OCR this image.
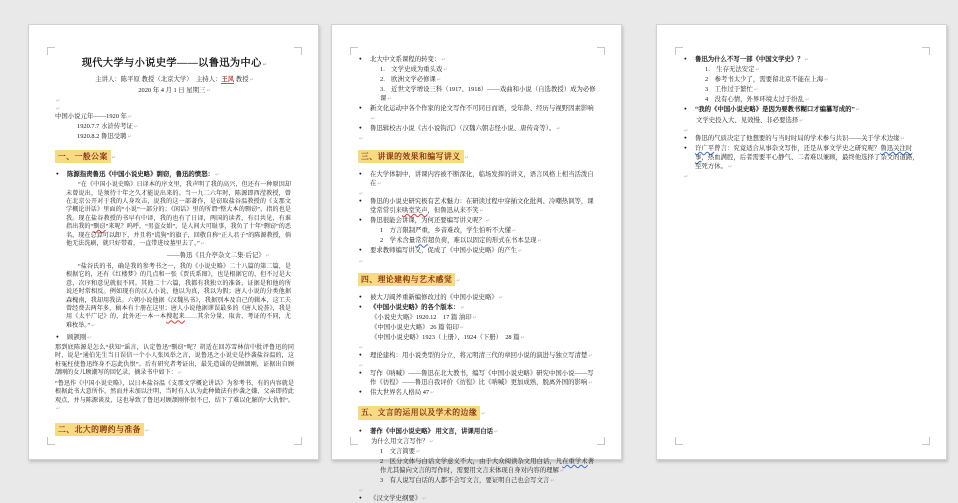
现代大学与小说史学——以鲁迅为中心 ↵
主讲人：陈平原 教授（北京大学）　主持人：王风 教授 ↵
2020 年 4 月 1 日 星期三 ↵
↵
↵
中国小说元年——1920 年 ↵
1920.7.7 水浒传考证 ↵
1920.8.2 鲁迅受聘 ↵
一、一般公案 ↵
● 陈源指责鲁迅《中国小说史略》剽窃，鲁迅的愤怒： ↵
“在《中国小说史略》日译本的序文里，我声明了我的高兴，但还有一种原因却未曾说出，是须待十年之久才能说出来的。当一九二六年时，陈源即西滢教授，曾在北京公开对于我的人身攻击，说我的这一部著作，是窃取盐谷温教授的《支那文学概论讲话》里面的“小说”一部分的；《闲话》里的所谓“整大本的剽窃”，指的也是我。现在盐谷教授的书早有中译，我的也有了日译，两国的读者，有目共见，有谁指出我的“剽窃”来呢？呜呼，“男盗女娼”，是人间大可耻事，我负了十年“剽窃”的恶名，现在总算可以卸下，并且将“谎狗”的旗子，回敬自称“正人君子”的陈源教授，倘他无法洗刷，就只好带着，一直带进坟墓里去了。” ↵
——鲁迅《且介亭杂文二集·后记》 ↵
“盐谷氏的书，确是我的参考书之一，我的《小说史略》二十八篇的第二篇，是根据它的，还有《红楼梦》的几点和一张《贾氏系图》，也是根据它的，但不过是大意，次序和意见就很不同。其他二十六篇，我都有我独立的准备，证据是和他的所说还时常相反。例如现有的汉人小说，他以为真，我以为假；唐人小说的分类他据森槐南，我却用我法。六朝小说他据《汉魏丛书》，我据别本及自己的辑本，这工夫曾经费去两年多，稿本有十册在这里；唐人小说他据谬误最多的《唐人说荟》，我是用《太平广记》的，此外还一本一本搜起来……其余分量、取舍、考证的不同，尤难枚举。” ↵
● 顾颉刚 ↵
那到底陈源是怎么“获知”谣言，认定鲁迅“剽窃”呢？胡适在回苏雪林信中批评鲁迅的同时，说是“通伯先生当日误信一个小人张凤举之言，说鲁迅之小说史是抄袭盐谷温的，这桩冤枉使鲁迅终身不忘此仇恨”。后有研究者考证出，最先造谣的是顾颉刚，证据出自顾颉刚的女儿顾潮写的回忆录，摘录书中如下： ↵
“鲁迅作《中国小说史略》，以日本盐谷温《支那文学概论讲话》为参考书，有的内容就是根据此书大意所作，然而并未加以注明，当时有人认为此种做法有抄袭之嫌，父亲即持此观点，并与陈源谈及，这也导致了鲁迅对顾颉刚怀恨不已，结下了难以化解的“大仇恨”。 ↵
二、北大的聘约与准备 ↵
● 北大中文系课程的转变： ↵
1.　文学史成为重头戏 ↵
2.　欧洲文学必修课 ↵
3.　近世文学增设三科（1917、1918）——戏曲和小说（自选教授）成为必修课 ↵
● 新文化运动中各个作家的论文写作不可同日而语，受年龄、经历与视野因素影响 ↵
● 鲁迅辑校古小说《古小说钩沉》（汉魏六朝志怪小说、唐传奇等）。 ↵
↵
三、讲课的效果和编写讲义 ↵
● 在大学体制中，讲课内容被不断深化，临场发挥的讲义，语言风格上相当活泼自在 ↵
↵
● 鲁迅的小说史研究极有艺术魅力：在研读过程中穿插文化批判、冷嘲热讽等，课堂常常引来哄堂笑声，但鲁迅从来不笑 ↵
● 鲁迅很能会讲课，为何还要编写讲义呢？ ↵
1　方言限制严重，乡音难改，学生怕听不大懂 ↵
2　学术含量常常超负荷，难以以固定的形式在书本呈现 ↵
● 要求教师编写讲义，促成了《中国小说史略》的产生 ↵
↵
四、理论建构与艺术感觉 ↵
● 被大刀阔斧重新编修改过的《中国小说史略》 ↵
● 《中国小说史略》的各个版本： ↵
《小说史大略》1920.12　17 篇 油印 ↵
《中国小说史大略》 26 篇 铅印 ↵
《中国小说史略》1923（上册）、1924（下册）　28 篇 ↵
↵
● 理论建构：用小说类型的分立，将元明清三代的章回小说的演进与独立写清楚 ↵
↵
● 写作《呐喊》——鲁迅在北大教书，编写《中国小说史略》研究中国小说——写作《彷徨》——鲁迅自我评价《彷徨》比《呐喊》更加成熟，脱离外国的影响 ↵
● 伟大世界名人格局 47 ↵
五、文言的运用以及学术的边缘 ↵
● 著作《中国小说史略》 用文言，讲课用白话 ↵
为什么用文言写作？ ↵
1　文言简要 ↵
2　区分文体与白话文学意义不大，由于大众阅读杂文用白话，凡在重学术著作尤其偏向文言的写作时，需要用文言来体现自身对内容的理解 ↵
3　有人说写白话的人都不会写文言，要证明自己也会写文言 ↵
↵
● 《汉文学史纲要》 ↵
● 鲁迅为什么不写一部《中国文学史》？ ↵
1.　生存无法安定 ↵
2　参考书太少了，需要留北京不能在上海 ↵
3　工作过于繁忙 ↵
4　没有心情，外界环境太过于纷乱 ↵
● “我的《中国小说史略》是因为要教书糊口才编纂写成的” ↵
文学史投入大、见效慢、非必要选择 ↵
↵
● 鲁迅的气质决定了他想要的与当时时局的学术参与共识——关于学术边缘 ↵
● 许广平曾言：究竟适合从事杂文写作，还是从事文学史之研究呢？鲁迅关注时事，热血满腔，后者需要平心静气、二者难以兼顾，最终他选择了杂文的道路，至死方休。 ↵
↵
